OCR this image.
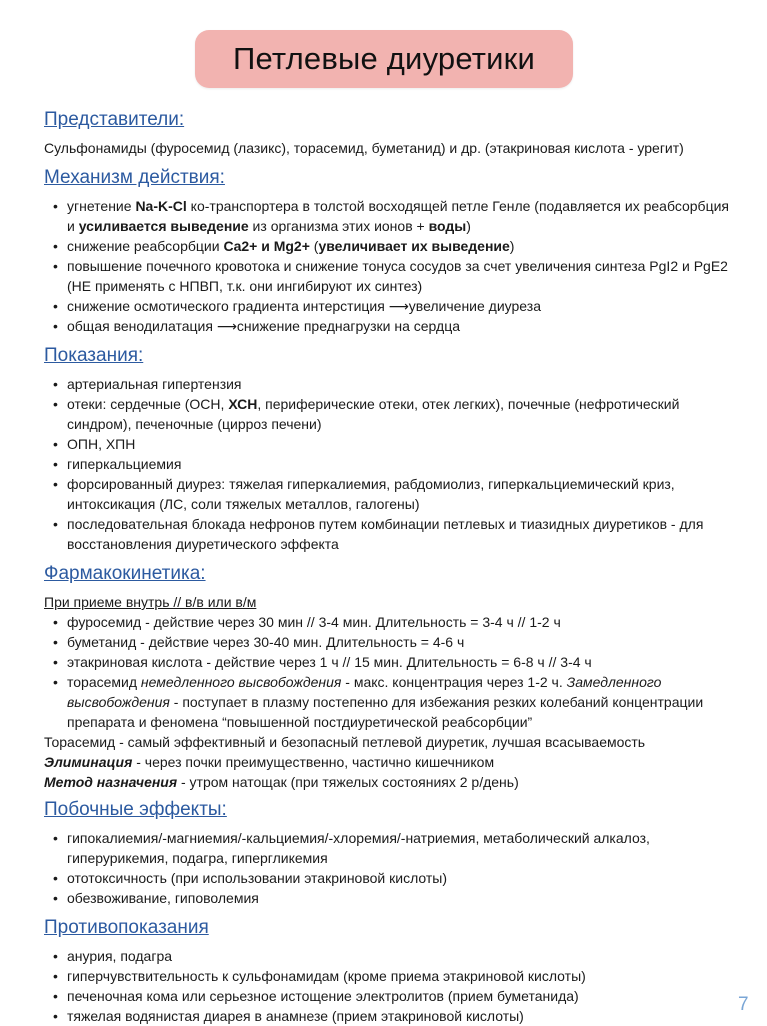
Петлевые диуретики
Представители:

Сульфонамиды (фуросемид (лазикс), торасемид, буметанид) и др. (этакриновая кислота - урегит)

Механизм действия:
• угнетение Na-K-Cl ко-транспортера в толстой восходящей петле Генле (подавляется их реабсорбция и усиливается выведение из организма этих ионов + воды)
• снижение реабсорбции Ca2+ и Mg2+ (увеличивает их выведение)
• повышение почечного кровотока и снижение тонуса сосудов за счет увеличения синтеза PgI2 и PgE2 (НЕ применять с НПВП, т.к. они ингибируют их синтез)
• снижение осмотического градиента интерстиция ⟶увеличение диуреза
• общая венодилатация ⟶снижение преднагрузки на сердца
Показания:
• артериальная гипертензия
• отеки: сердечные (ОСН, ХСН, периферические отеки, отек легких), почечные (нефротический синдром), печеночные (цирроз печени)
• ОПН, ХПН
• гиперкальциемия
• форсированный диурез: тяжелая гиперкалиемия, рабдомиолиз, гиперкальциемический криз, интоксикация (ЛС, соли тяжелых металлов, галогены)
• последовательная блокада нефронов путем комбинации петлевых и тиазидных диуретиков - для восстановления диуретического эффекта
Фармакокинетика:

При приеме внутрь // в/в или в/м

• фуросемид - действие через 30 мин // 3-4 мин. Длительность = 3-4 ч // 1-2 ч
• буметанид - действие через 30-40 мин. Длительность = 4-6 ч
• этакриновая кислота - действие через 1 ч // 15 мин. Длительность = 6-8 ч // 3-4 ч
• торасемид немедленного высвобождения - макс. концентрация через 1-2 ч. Замедленного высвобождения - поступает в плазму постепенно для избежания резких колебаний концентрации препарата и феномена “повышенной постдиуретической реабсорбции”

Торасемид - самый эффективный и безопасный петлевой диуретик, лучшая всасываемость

Элиминация - через почки преимущественно, частично кишечником

Метод назначения - утром натощак (при тяжелых состояниях 2 р/день)

Побочные эффекты:
• гипокалиемия/-магниемия/-кальциемия/-хлоремия/-натриемия, метаболический алкалоз, гиперурикемия, подагра, гипергликемия
• ототоксичность (при использовании этакриновой кислоты)
• обезвоживание, гиповолемия
Противопоказания
• анурия, подагра
• гиперчувствительность к сульфонамидам (кроме приема этакриновой кислоты)
• печеночная кома или серьезное истощение электролитов (прием буметанида)
• тяжелая водянистая диарея в анамнезе (прием этакриновой кислоты)
7
